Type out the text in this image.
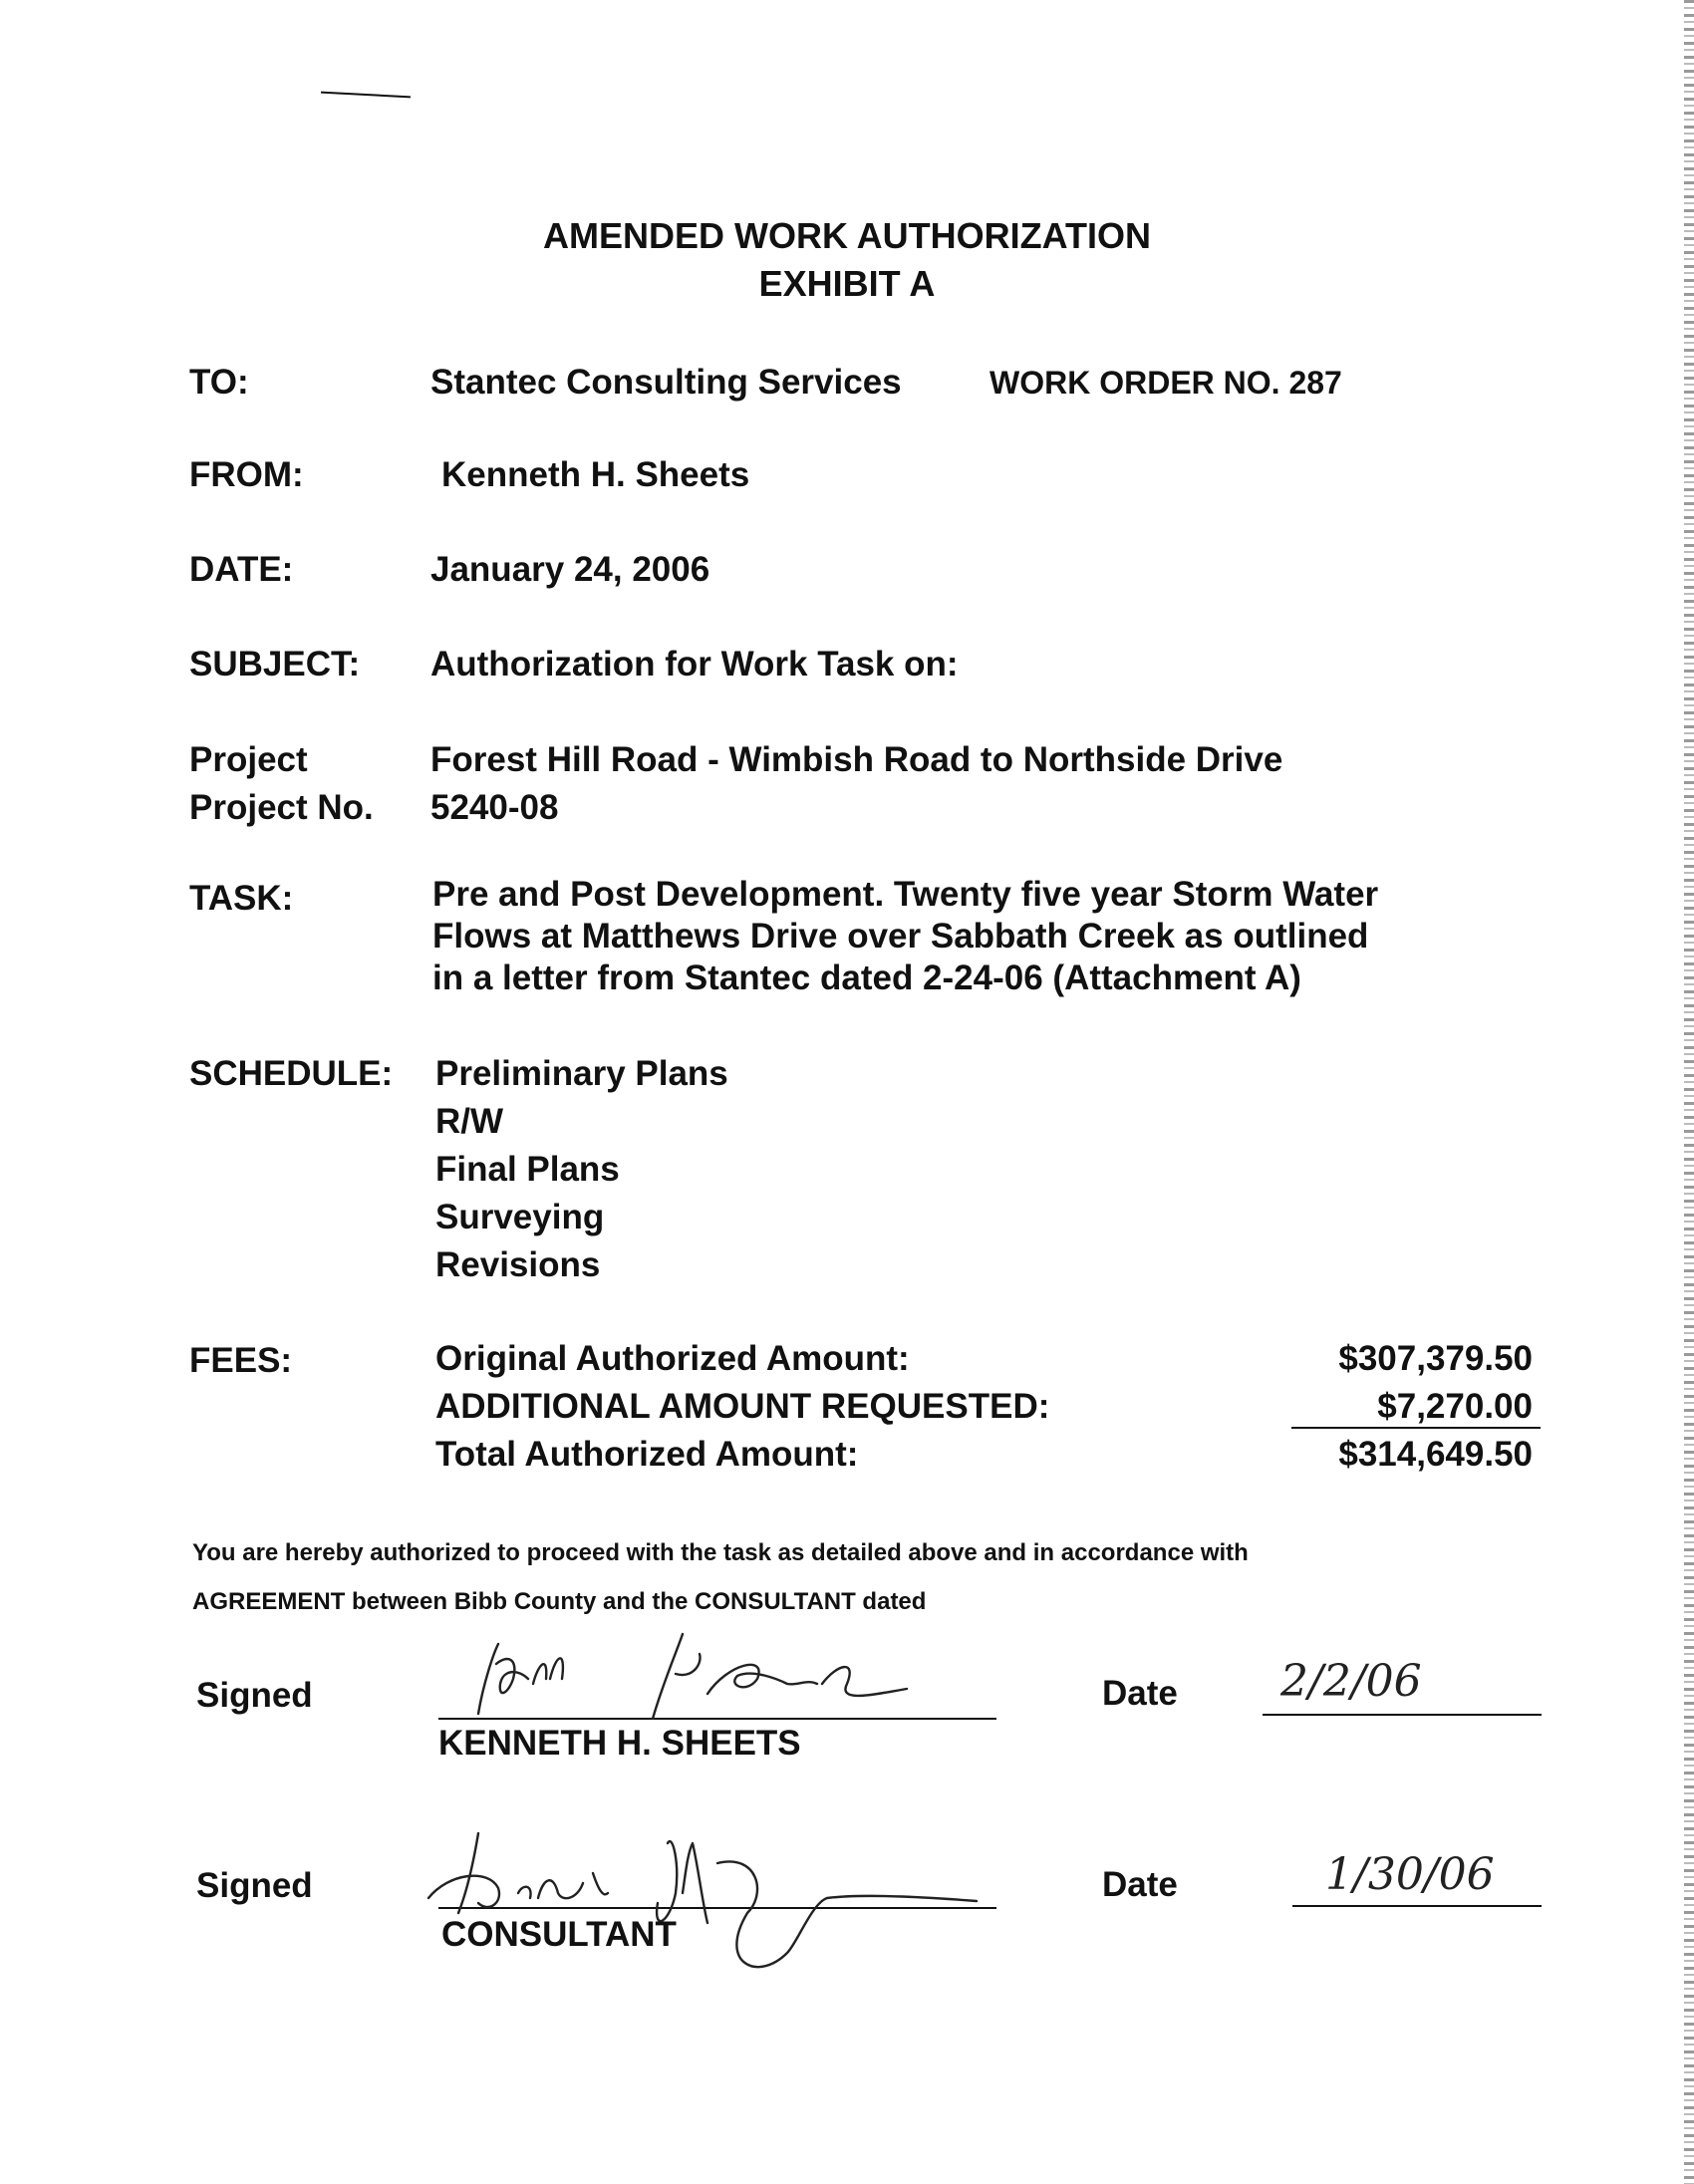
AMENDED WORK AUTHORIZATION
EXHIBIT A
TO:	Stantec Consulting Services	WORK ORDER NO. 287
FROM:	Kenneth H. Sheets
DATE:	January 24, 2006
SUBJECT: Authorization for Work Task on:
Project	Forest Hill Road - Wimbish Road to Northside Drive
Project No. 5240-08
TASK:	Pre and Post Development. Twenty five year Storm Water
Flows at Matthews Drive over Sabbath Creek as outlined
in a letter from Stantec dated 2-24-06 (Attachment A)
SCHEDULE: Preliminary Plans
R/W
Final Plans
Surveying
Revisions
FEES:	Original Authorized Amount:	$307,379.50
ADDITIONAL AMOUNT REQUESTED:	$7,270.00
Total Authorized Amount:	$314,649.50
You are hereby authorized to proceed with the task as detailed above and in accordance with
AGREEMENT between Bibb County and the CONSULTANT dated
Signed
KENNETH H. SHEETS
Date 2/2/06
Signed
CONSULTANT
Date	1/30/06
